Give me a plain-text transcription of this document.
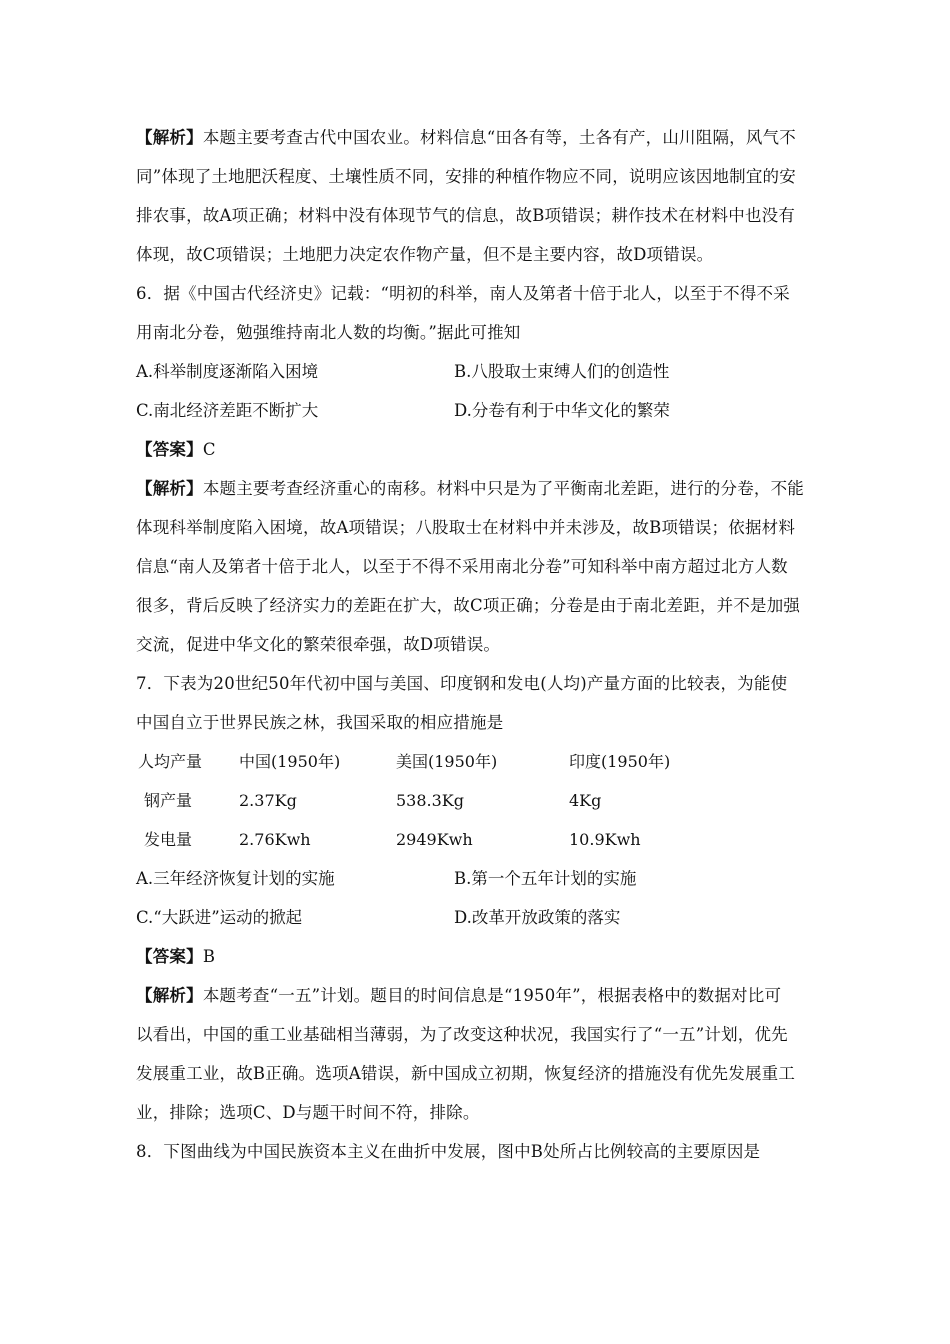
【解析】本题主要考查古代中国农业。材料信息“田各有等，土各有产，山川阻隔，风气不
同”体现了土地肥沃程度、土壤性质不同，安排的种植作物应不同，说明应该因地制宜的安
排农事，故A项正确；材料中没有体现节气的信息，故B项错误；耕作技术在材料中也没有
体现，故C项错误；土地肥力决定农作物产量，但不是主要内容，故D项错误。
6．据《中国古代经济史》记载：“明初的科举，南人及第者十倍于北人，以至于不得不采
用南北分卷，勉强维持南北人数的均衡。”据此可推知
A.科举制度逐渐陷入困境	B.八股取士束缚人们的创造性
C.南北经济差距不断扩大	D.分卷有利于中华文化的繁荣
【答案】C
【解析】本题主要考查经济重心的南移。材料中只是为了平衡南北差距，进行的分卷，不能
体现科举制度陷入困境，故A项错误；八股取士在材料中并未涉及，故B项错误；依据材料
信息“南人及第者十倍于北人，以至于不得不采用南北分卷”可知科举中南方超过北方人数
很多，背后反映了经济实力的差距在扩大，故C项正确；分卷是由于南北差距，并不是加强
交流，促进中华文化的繁荣很牵强，故D项错误。
7．下表为20世纪50年代初中国与美国、印度钢和发电(人均)产量方面的比较表，为能使
中国自立于世界民族之林，我国采取的相应措施是
人均产量	中国(1950年)	美国(1950年)	印度(1950年)
钢产量	2.37Kg	538.3Kg	4Kg
发电量	2.76Kwh	2949Kwh	10.9Kwh
A.三年经济恢复计划的实施	B.第一个五年计划的实施
C.“大跃进”运动的掀起	D.改革开放政策的落实
【答案】B
【解析】本题考查“一五”计划。题目的时间信息是“1950年”，根据表格中的数据对比可
以看出，中国的重工业基础相当薄弱，为了改变这种状况，我国实行了“一五”计划，优先
发展重工业，故B正确。选项A错误，新中国成立初期，恢复经济的措施没有优先发展重工
业，排除；选项C、D与题干时间不符，排除。
8．下图曲线为中国民族资本主义在曲折中发展，图中B处所占比例较高的主要原因是
